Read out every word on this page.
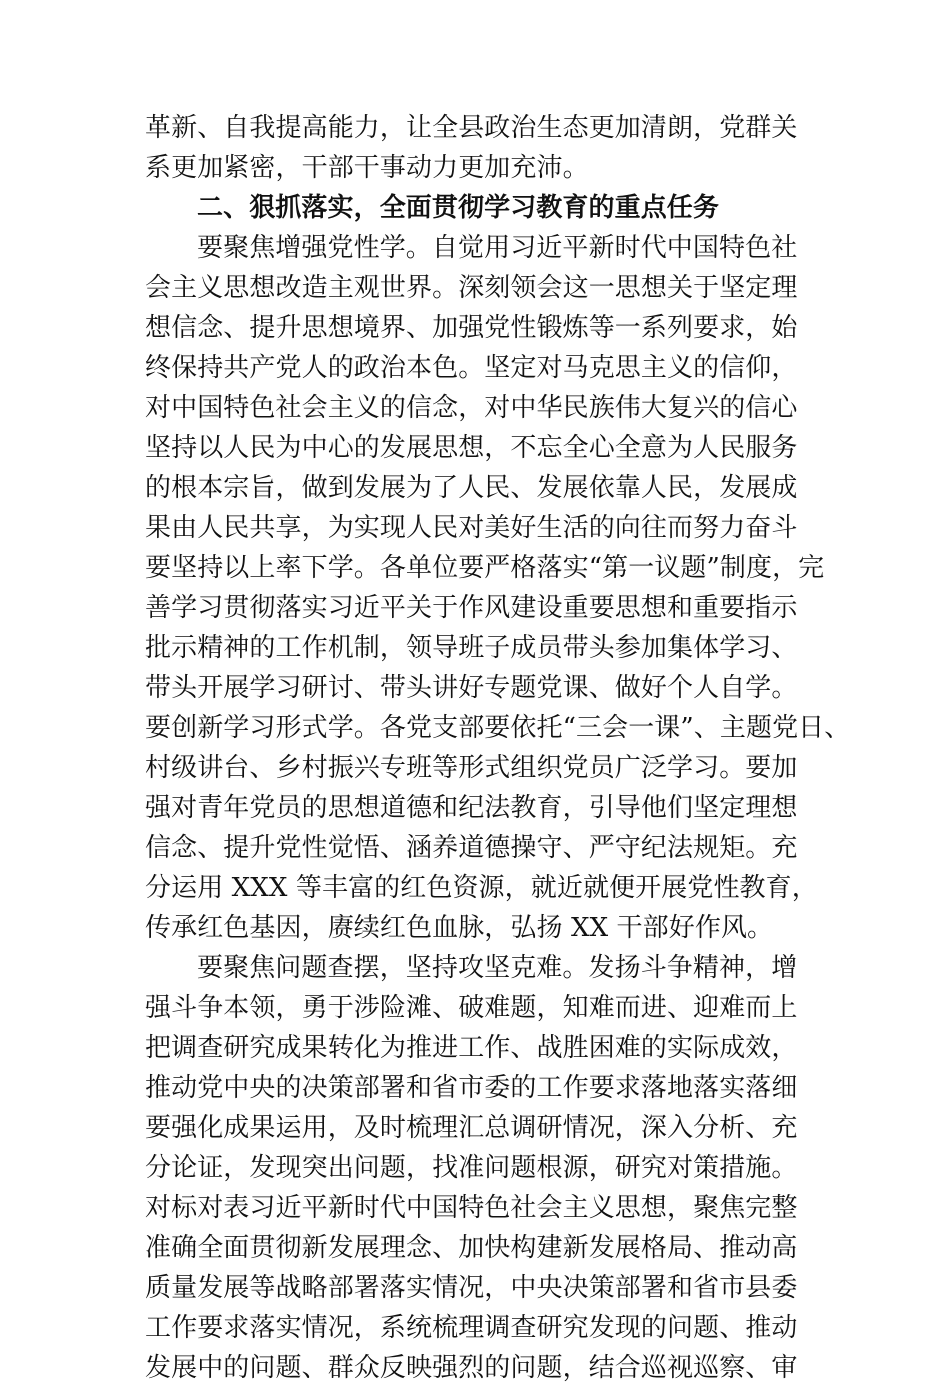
革新、自我提高能力，让全县政治生态更加清朗，党群关
系更加紧密，干部干事动力更加充沛。
二、狠抓落实，全面贯彻学习教育的重点任务
要聚焦增强党性学。自觉用习近平新时代中国特色社
会主义思想改造主观世界。深刻领会这一思想关于坚定理
想信念、提升思想境界、加强党性锻炼等一系列要求，始
终保持共产党人的政治本色。坚定对马克思主义的信仰，
对中国特色社会主义的信念，对中华民族伟大复兴的信心
坚持以人民为中心的发展思想，不忘全心全意为人民服务
的根本宗旨，做到发展为了人民、发展依靠人民，发展成
果由人民共享，为实现人民对美好生活的向往而努力奋斗
要坚持以上率下学。各单位要严格落实“第一议题”制度，完
善学习贯彻落实习近平关于作风建设重要思想和重要指示
批示精神的工作机制，领导班子成员带头参加集体学习、
带头开展学习研讨、带头讲好专题党课、做好个人自学。
要创新学习形式学。各党支部要依托“三会一课”、主题党日、
村级讲台、乡村振兴专班等形式组织党员广泛学习。要加
强对青年党员的思想道德和纪法教育，引导他们坚定理想
信念、提升党性觉悟、涵养道德操守、严守纪法规矩。充
分运用 XXX 等丰富的红色资源，就近就便开展党性教育，
传承红色基因，赓续红色血脉，弘扬 XX 干部好作风。
要聚焦问题查摆，坚持攻坚克难。发扬斗争精神，增
强斗争本领，勇于涉险滩、破难题，知难而进、迎难而上
把调查研究成果转化为推进工作、战胜困难的实际成效，
推动党中央的决策部署和省市委的工作要求落地落实落细
要强化成果运用，及时梳理汇总调研情况，深入分析、充
分论证，发现突出问题，找准问题根源，研究对策措施。
对标对表习近平新时代中国特色社会主义思想，聚焦完整
准确全面贯彻新发展理念、加快构建新发展格局、推动高
质量发展等战略部署落实情况，中央决策部署和省市县委
工作要求落实情况，系统梳理调查研究发现的问题、推动
发展中的问题、群众反映强烈的问题，结合巡视巡察、审
